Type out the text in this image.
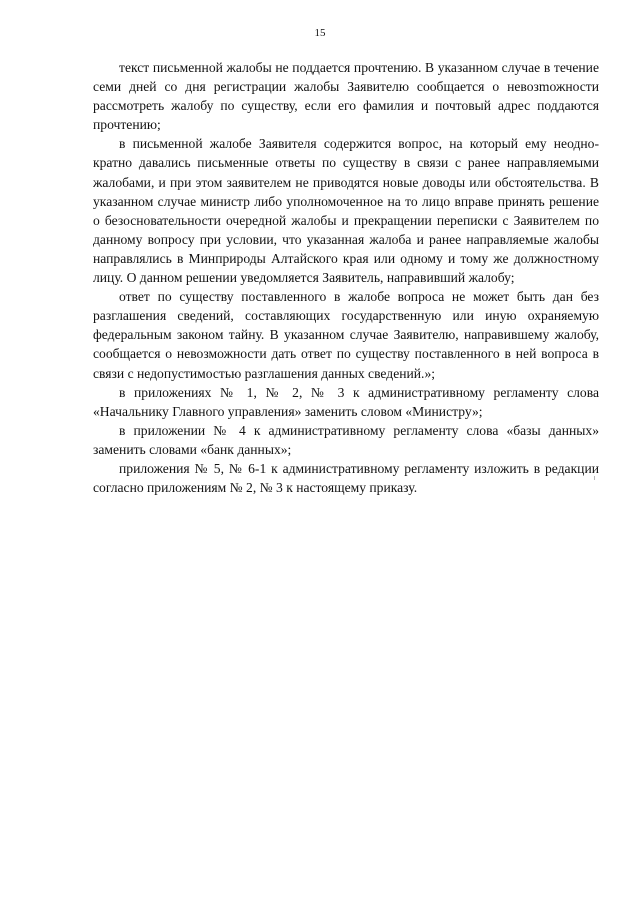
15

текст письменной жалобы не поддается прочтению. В указанном случае в течение семи дней со дня регистрации жалобы Заявителю сообщается о невозmожности рассмотреть жалобу по существу, если его фамилия и почтовый адрес поддаются прочтению;

в письменной жалобе Заявителя содержится вопрос, на который ему неоднократно давались письменные ответы по существу в связи с ранее направляемыми жалобами, и при этом заявителем не приводятся новые доводы или обстоятельства. В указанном случае министр либо уполномоченное на то лицо вправе принять решение о безосновательности очередной жалобы и прекращении переписки с Заявителем по данному вопросу при условии, что указанная жалоба и ранее направляемые жалобы направлялись в Минприроды Алтайского края или одному и тому же должностному лицу. О данном решении уведомляется Заявитель, направивший жалобу;

ответ по существу поставленного в жалобе вопроса не может быть дан без разглашения сведений, составляющих государственную или иную охраняемую федеральным законом тайну. В указанном случае Заявителю, направившему жалобу, сообщается о невозможности дать ответ по существу поставленного в ней вопроса в связи с недопустимостью разглашения данных сведений.»;

в приложениях № 1, № 2, № 3 к административному регламенту слова «Начальнику Главного управления» заменить словом «Министру»;

в приложении № 4 к административному регламенту слова «базы данных» заменить словами «банк данных»;

приложения № 5, № 6-1 к административному регламенту изложить в редакции согласно приложениям № 2, № 3 к настоящему приказу.
